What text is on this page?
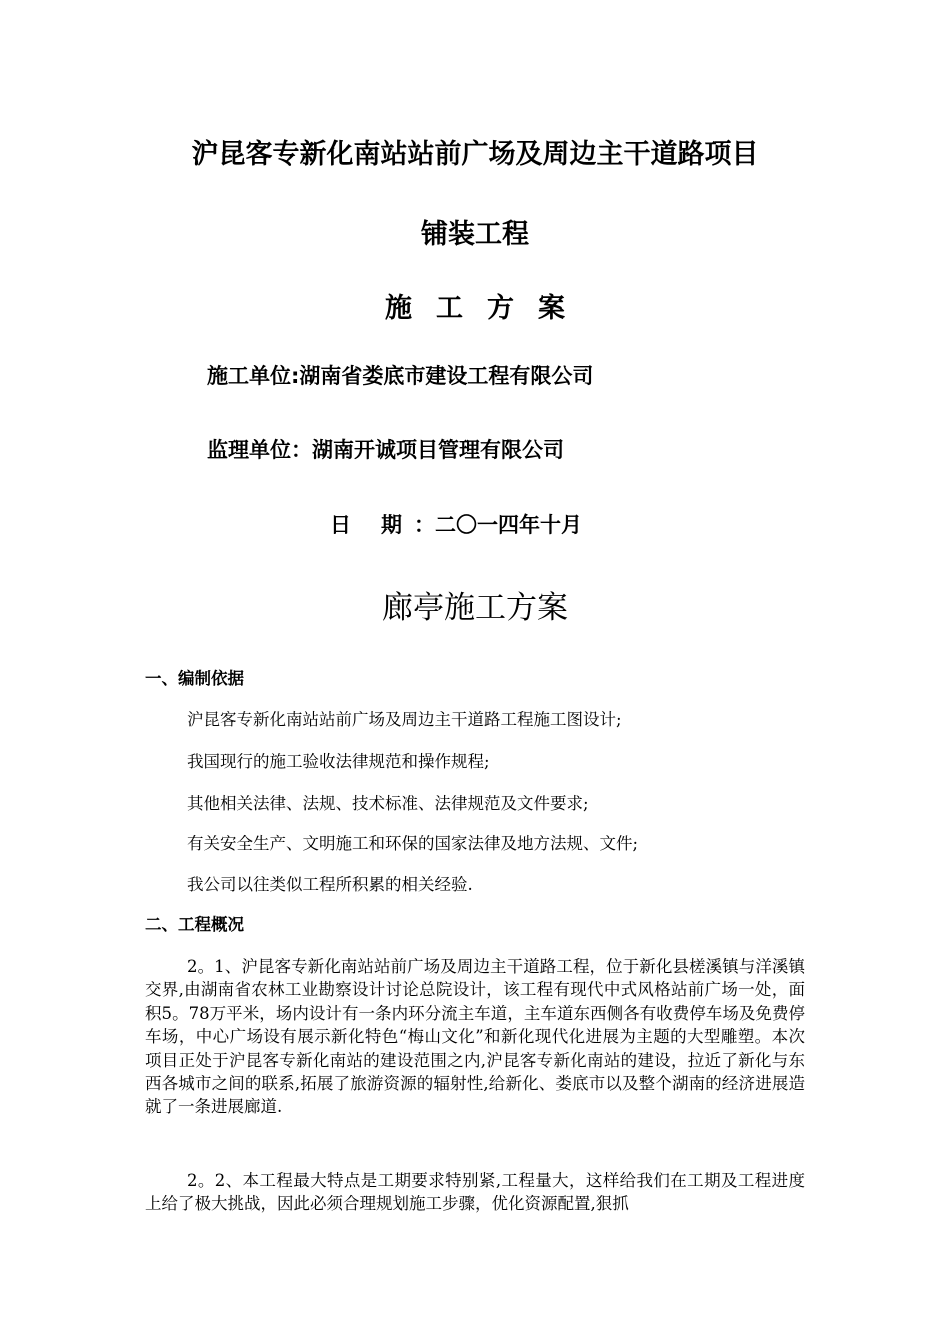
沪昆客专新化南站站前广场及周边主干道路项目
铺装工程
施工方案
施工单位:湖南省娄底市建设工程有限公司
监理单位：湖南开诚项目管理有限公司
日 期 ：二〇一四年十月
廊亭施工方案
一、编制依据
沪昆客专新化南站站前广场及周边主干道路工程施工图设计;
我国现行的施工验收法律规范和操作规程;
其他相关法律、法规、技术标准、法律规范及文件要求;
有关安全生产、文明施工和环保的国家法律及地方法规、文件;
我公司以往类似工程所积累的相关经验.
二、工程概况
2。1、沪昆客专新化南站站前广场及周边主干道路工程，位于新化县槎溪镇与洋溪镇交界,由湖南省农林工业勘察设计讨论总院设计，该工程有现代中式风格站前广场一处，面积5。78万平米，场内设计有一条内环分流主车道，主车道东西侧各有收费停车场及免费停车场，中心广场设有展示新化特色“梅山文化”和新化现代化进展为主题的大型雕塑。本次项目正处于沪昆客专新化南站的建设范围之内,沪昆客专新化南站的建设，拉近了新化与东西各城市之间的联系,拓展了旅游资源的辐射性,给新化、娄底市以及整个湖南的经济进展造就了一条进展廊道.
2。2、本工程最大特点是工期要求特别紧,工程量大，这样给我们在工期及工程进度上给了极大挑战，因此必须合理规划施工步骤，优化资源配置,狠抓
